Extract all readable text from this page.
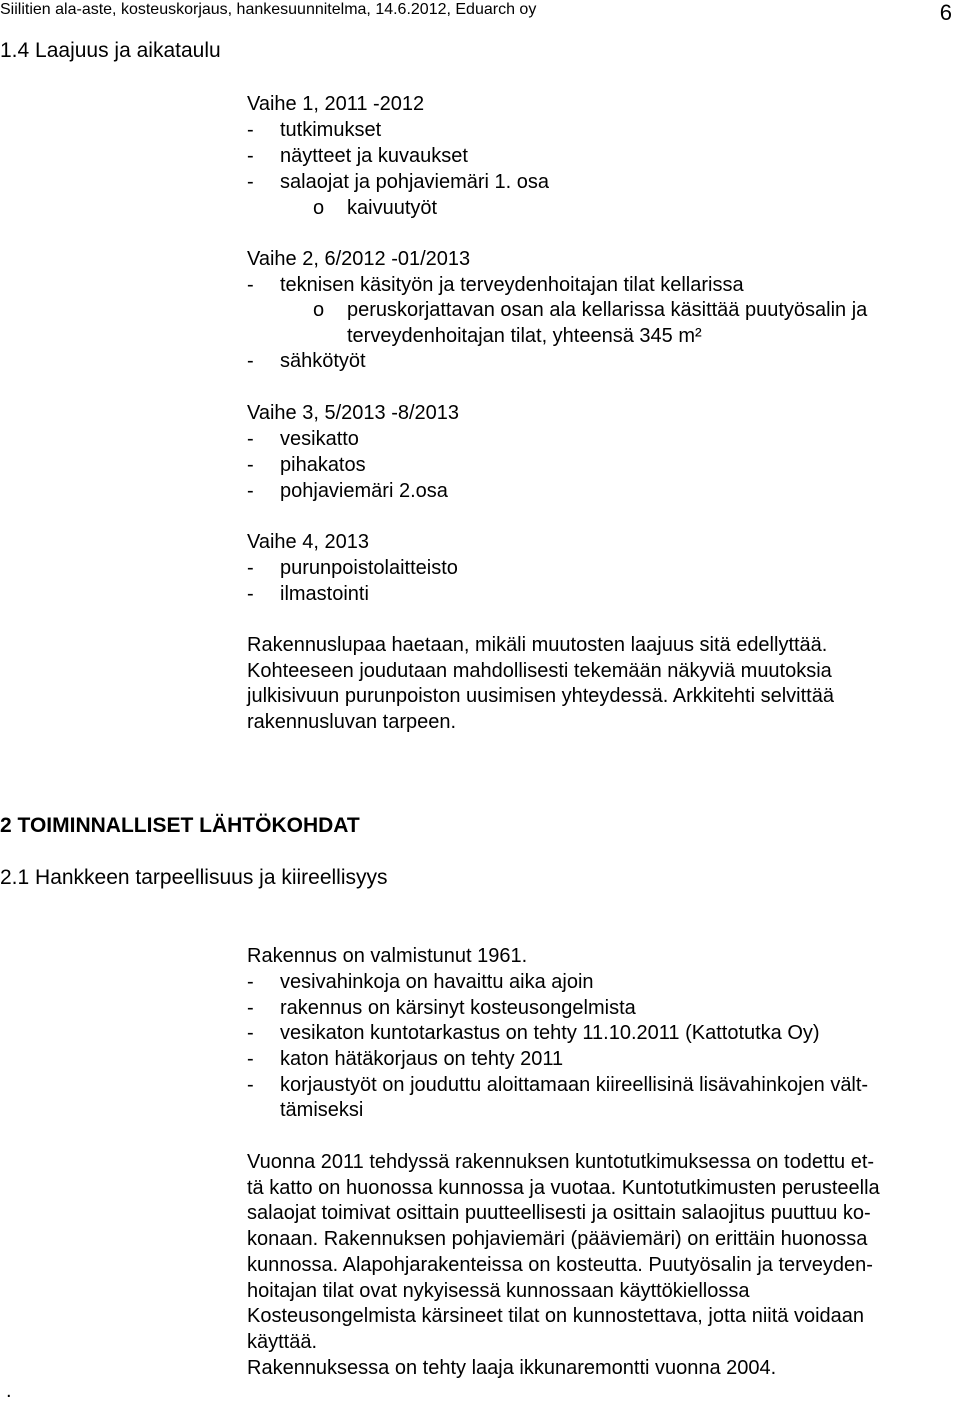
Siilitien ala-aste, kosteuskorjaus, hankesuunnitelma, 14.6.2012, Eduarch oy	6
1.4 Laajuus ja aikataulu
Vaihe 1, 2011 -2012
- tutkimukset
- näytteet ja kuvaukset
- salaojat ja pohjaviemäri 1. osa
o kaivuutyöt
Vaihe 2, 6/2012 -01/2013
- teknisen käsityön ja terveydenhoitajan tilat kellarissa
o peruskorjattavan osan ala kellarissa käsittää puutyösalin ja
terveydenhoitajan tilat, yhteensä 345 m²
- sähkötyöt
Vaihe 3, 5/2013 -8/2013
- vesikatto
- pihakatos
- pohjaviemäri 2.osa
Vaihe 4, 2013
- purunpoistolaitteisto
- ilmastointi
Rakennuslupaa haetaan, mikäli muutosten laajuus sitä edellyttää.
Kohteeseen joudutaan mahdollisesti tekemään näkyviä muutoksia
julkisivuun purunpoiston uusimisen yhteydessä. Arkkitehti selvittää
rakennusluvan tarpeen.
2 TOIMINNALLISET LÄHTÖKOHDAT
2.1 Hankkeen tarpeellisuus ja kiireellisyys
Rakennus on valmistunut 1961.
- vesivahinkoja on havaittu aika ajoin
- rakennus on kärsinyt kosteusongelmista
- vesikaton kuntotarkastus on tehty 11.10.2011 (Kattotutka Oy)
- katon hätäkorjaus on tehty 2011
- korjaustyöt on jouduttu aloittamaan kiireellisinä lisävahinkojen vält-
tämiseksi
Vuonna 2011 tehdyssä rakennuksen kuntotutkimuksessa on todettu et-
tä katto on huonossa kunnossa ja vuotaa. Kuntotutkimusten perusteella
salaojat toimivat osittain puutteellisesti ja osittain salaojitus puuttuu ko-
konaan. Rakennuksen pohjaviemäri (pääviemäri) on erittäin huonossa
kunnossa. Alapohjarakenteissa on kosteutta. Puutyösalin ja terveyden-
hoitajan tilat ovat nykyisessä kunnossaan käyttökiellossa
Kosteusongelmista kärsineet tilat on kunnostettava, jotta niitä voidaan
käyttää.
Rakennuksessa on tehty laaja ikkunaremontti vuonna 2004.
.
